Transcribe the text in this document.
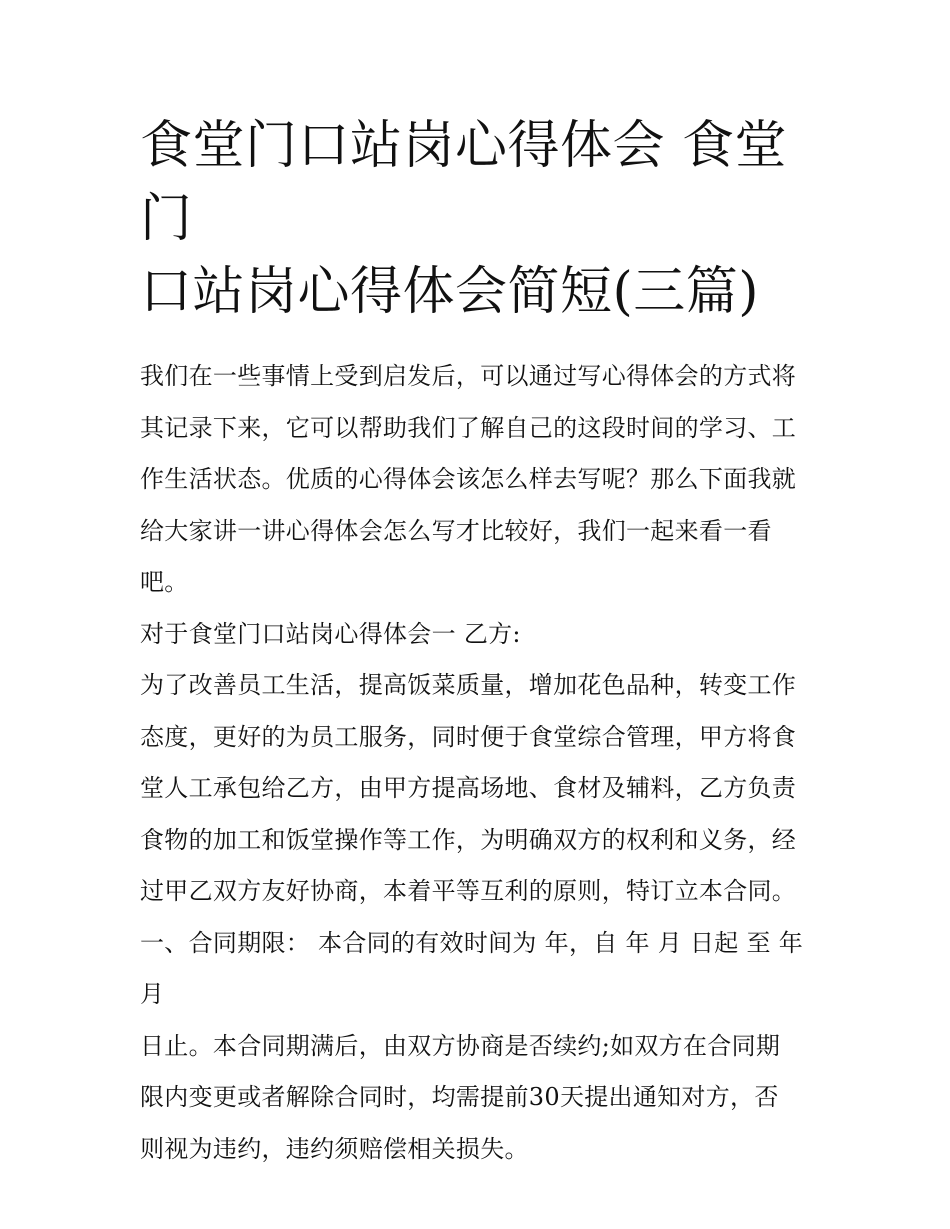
食堂门口站岗心得体会 食堂门
口站岗心得体会简短(三篇)

我们在一些事情上受到启发后，可以通过写心得体会的方式将

其记录下来，它可以帮助我们了解自己的这段时间的学习、工

作生活状态。优质的心得体会该怎么样去写呢？那么下面我就

给大家讲一讲心得体会怎么写才比较好，我们一起来看一看

吧。

对于食堂门口站岗心得体会一 乙方:

为了改善员工生活，提高饭菜质量，增加花色品种，转变工作

态度，更好的为员工服务，同时便于食堂综合管理，甲方将食

堂人工承包给乙方，由甲方提高场地、食材及辅料，乙方负责

食物的加工和饭堂操作等工作，为明确双方的权利和义务，经

过甲乙双方友好协商，本着平等互利的原则，特订立本合同。

一、合同期限： 本合同的有效时间为 年，自 年 月 日起 至 年

月

日止。本合同期满后，由双方协商是否续约;如双方在合同期

限内变更或者解除合同时，均需提前30天提出通知对方，否

则视为违约，违约须赔偿相关损失。
